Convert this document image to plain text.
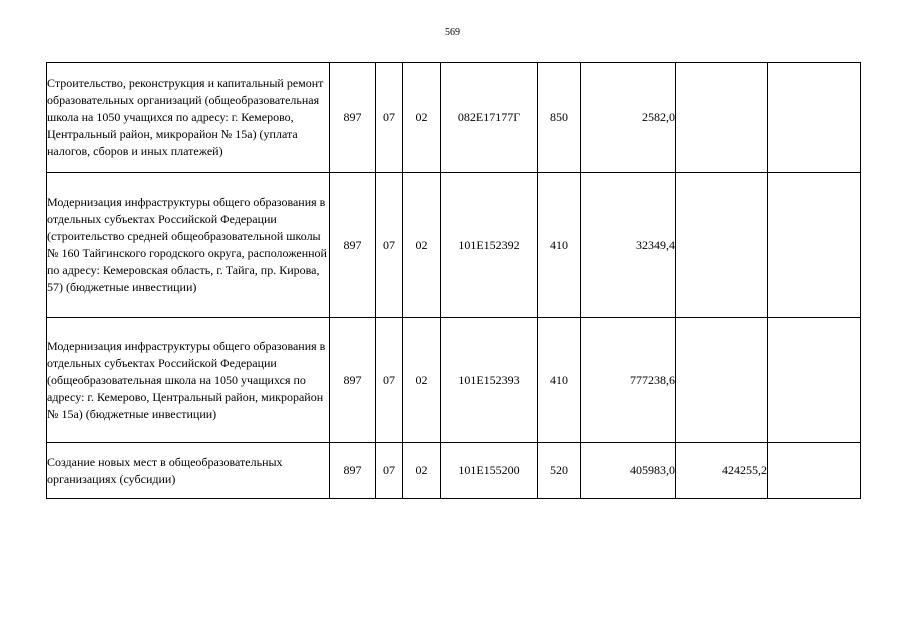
569
Строительство, реконструкция и капитальный ремонт образовательных организаций (общеобразовательная школа на 1050 учащихся по адресу: г. Кемерово, Центральный район, микрорайон № 15а) (уплата налогов, сборов и иных платежей)	897	07	02	082Е17177Г	850	2582,0		
Модернизация инфраструктуры общего образования в отдельных субъектах Российской Федерации (строительство средней общеобразовательной школы № 160 Тайгинского городского округа, расположенной по адресу: Кемеровская область, г. Тайга, пр. Кирова, 57) (бюджетные инвестиции)	897	07	02	101Е152392	410	32349,4		
Модернизация инфраструктуры общего образования в отдельных субъектах Российской Федерации (общеобразовательная школа на 1050 учащихся по адресу: г. Кемерово, Центральный район, микрорайон № 15а) (бюджетные инвестиции)	897	07	02	101Е152393	410	777238,6		
Создание новых мест в общеобразовательных организациях (субсидии)	897	07	02	101Е155200	520	405983,0	424255,2	
